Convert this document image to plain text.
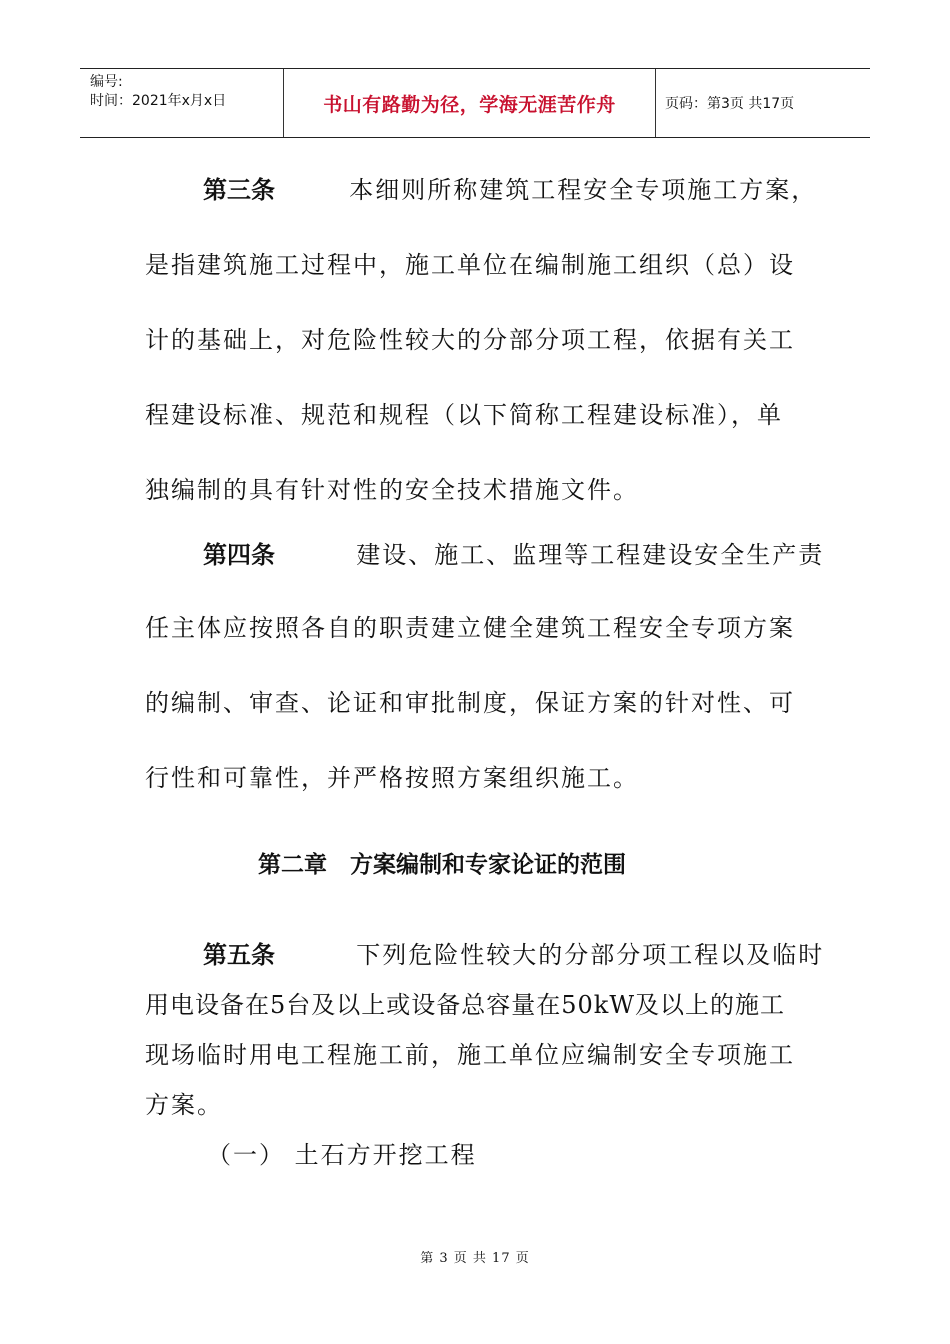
编号:
时间：2021年x月x日	书山有路勤为径，学海无涯苦作舟	页码：第3页 共17页
第三条	本细则所称建筑工程安全专项施工方案，
是指建筑施工过程中，施工单位在编制施工组织（总）设
计的基础上，对危险性较大的分部分项工程，依据有关工
程建设标准、规范和规程（以下简称工程建设标准），单
独编制的具有针对性的安全技术措施文件。
第四条	建设、施工、监理等工程建设安全生产责
任主体应按照各自的职责建立健全建筑工程安全专项方案
的编制、审查、论证和审批制度，保证方案的针对性、可
行性和可靠性，并严格按照方案组织施工。
第二章　方案编制和专家论证的范围
第五条	下列危险性较大的分部分项工程以及临时
用电设备在5台及以上或设备总容量在50kW及以上的施工
现场临时用电工程施工前，施工单位应编制安全专项施工
方案。
（一） 土石方开挖工程
第 3 页 共 17 页
